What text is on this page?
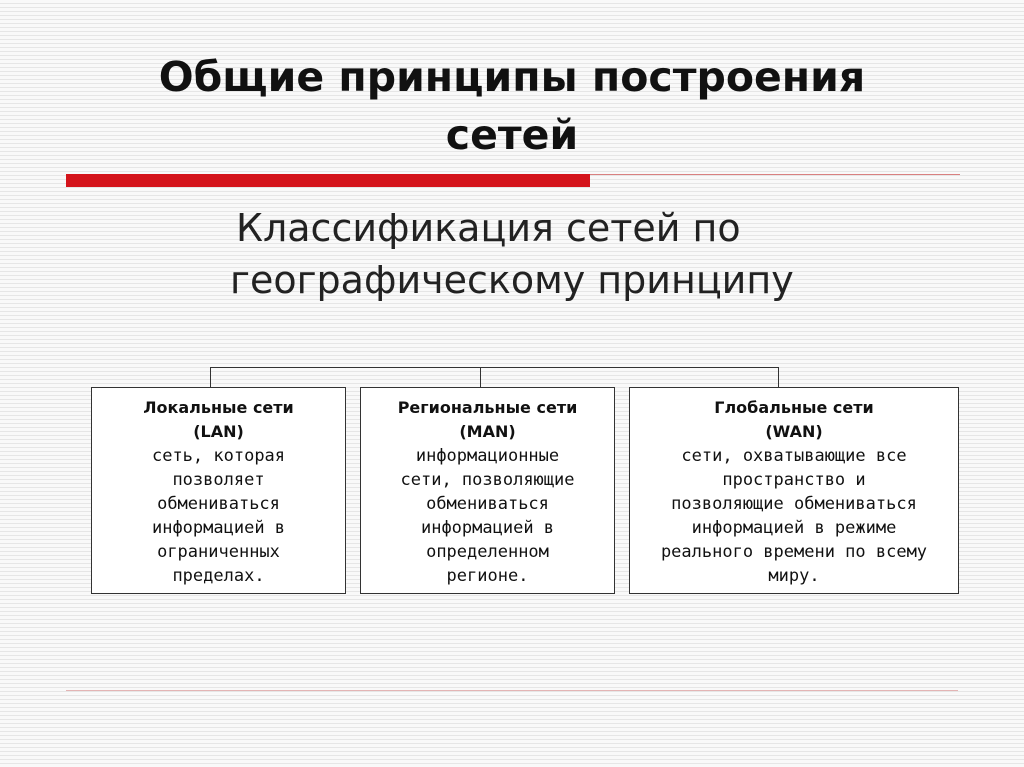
Общие принципы построения
сетей
Классификация сетей по
географическому принципу
Локальные сети
(LAN)
сеть, которая
позволяет
обмениваться
информацией в
ограниченных
пределах.
Региональные сети
(MAN)
информационные
сети, позволяющие
обмениваться
информацией в
определенном
регионе.
Глобальные сети
(WAN)
сети, охватывающие все
пространство и
позволяющие обмениваться
информацией в режиме
реального времени по всему
миру.
